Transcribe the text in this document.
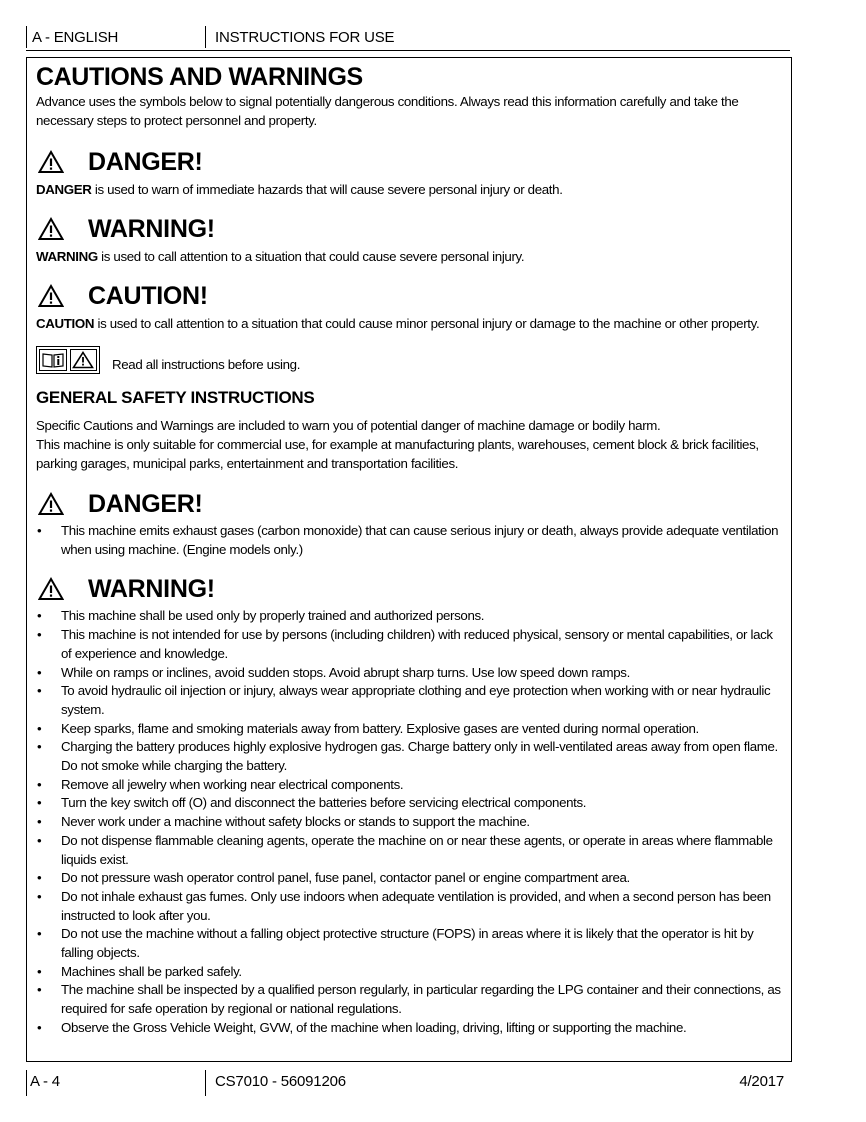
A - ENGLISH	INSTRUCTIONS FOR USE
CAUTIONS AND WARNINGS

Advance uses the symbols below to signal potentially dangerous conditions. Always read this information carefully and take the necessary steps to protect personnel and property.

DANGER!

DANGER is used to warn of immediate hazards that will cause severe personal injury or death.

WARNING!

WARNING is used to call attention to a situation that could cause severe personal injury.

CAUTION!

CAUTION is used to call attention to a situation that could cause minor personal injury or damage to the machine or other property.

Read all instructions before using.
GENERAL SAFETY INSTRUCTIONS

Specific Cautions and Warnings are included to warn you of potential danger of machine damage or bodily harm.

This machine is only suitable for commercial use, for example at manufacturing plants, warehouses, cement block & brick facilities, parking garages, municipal parks, entertainment and transportation facilities.

DANGER!
• This machine emits exhaust gases (carbon monoxide) that can cause serious injury or death, always provide adequate ventilation when using machine. (Engine models only.)
WARNING!
• This machine shall be used only by properly trained and authorized persons.
• This machine is not intended for use by persons (including children) with reduced physical, sensory or mental capabilities, or lack of experience and knowledge.
• While on ramps or inclines, avoid sudden stops. Avoid abrupt sharp turns. Use low speed down ramps.
• To avoid hydraulic oil injection or injury, always wear appropriate clothing and eye protection when working with or near hydraulic system.
• Keep sparks, flame and smoking materials away from battery. Explosive gases are vented during normal operation.
• Charging the battery produces highly explosive hydrogen gas. Charge battery only in well-ventilated areas away from open flame. Do not smoke while charging the battery.
• Remove all jewelry when working near electrical components.
• Turn the key switch off (O) and disconnect the batteries before servicing electrical components.
• Never work under a machine without safety blocks or stands to support the machine.
• Do not dispense flammable cleaning agents, operate the machine on or near these agents, or operate in areas where flammable liquids exist.
• Do not pressure wash operator control panel, fuse panel, contactor panel or engine compartment area.
• Do not inhale exhaust gas fumes. Only use indoors when adequate ventilation is provided, and when a second person has been instructed to look after you.
• Do not use the machine without a falling object protective structure (FOPS) in areas where it is likely that the operator is hit by falling objects.
• Machines shall be parked safely.
• The machine shall be inspected by a qualified person regularly, in particular regarding the LPG container and their connections, as required for safe operation by regional or national regulations.
• Observe the Gross Vehicle Weight, GVW, of the machine when loading, driving, lifting or supporting the machine.
A - 4	CS7010 - 56091206	4/2017
